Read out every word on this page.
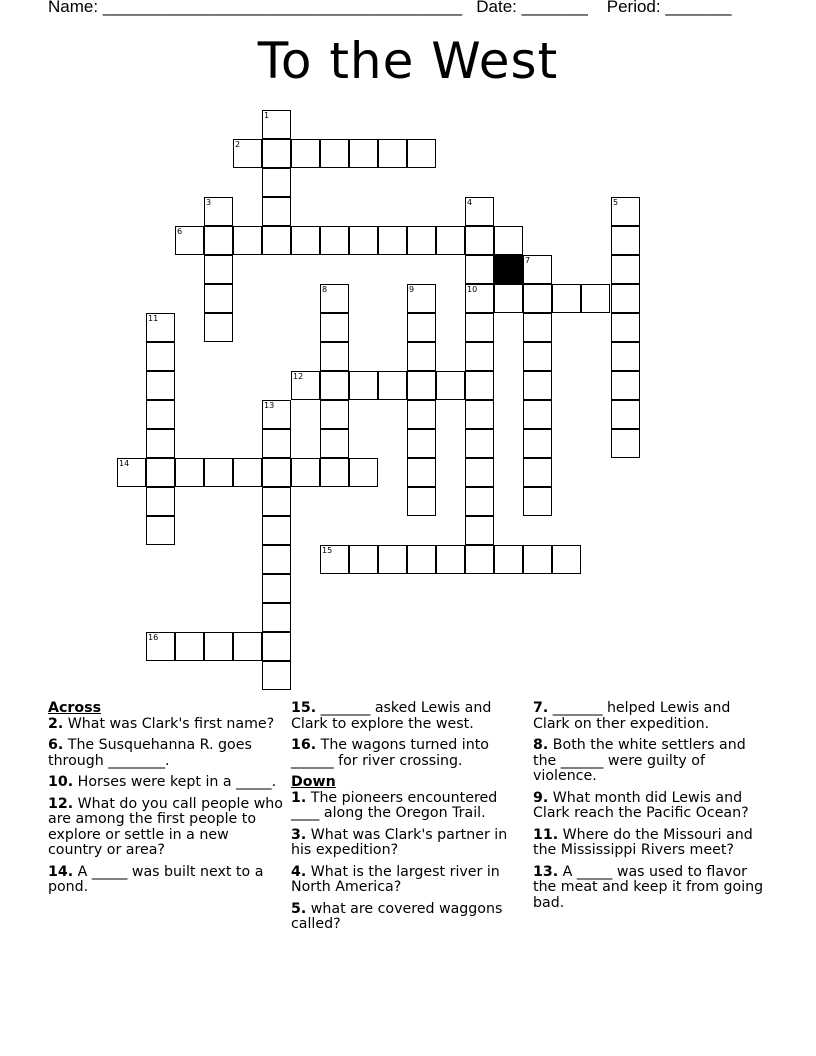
Name: ______________________________________ Date: _______ Period: _______
To the West
1
2
3
6
4
10
5
7
8	9
11
12
13
14
15
16
Across
2. What was Clark's first name?
6. The Susquehanna R. goes through ________.
10. Horses were kept in a _____.
12. What do you call people who are among the first people to explore or settle in a new country or area?
14. A _____ was built next to a pond.
15. _______ asked Lewis and Clark to explore the west.
16. The wagons turned into ______ for river crossing.
Down
1. The pioneers encountered ____ along the Oregon Trail.
3. What was Clark's partner in his expedition?
4. What is the largest river in North America?
5. what are covered waggons called?
7. _______ helped Lewis and Clark on ther expedition.
8. Both the white settlers and the ______ were guilty of violence.
9. What month did Lewis and Clark reach the Pacific Ocean?
11. Where do the Missouri and the Mississippi Rivers meet?
13. A _____ was used to flavor the meat and keep it from going bad.
